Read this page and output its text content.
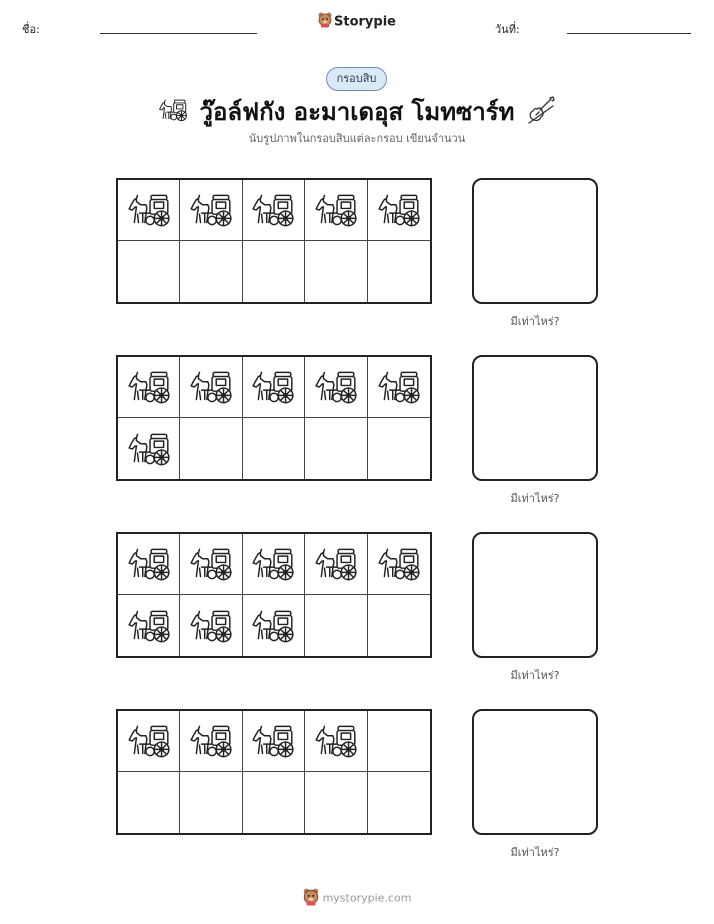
ชื่อ:	Storypie	วันที่:
กรอบสิบ
วู๊อล์ฟกัง อะมาเดอุส โมทซาร์ท
นับรูปภาพในกรอบสิบแต่ละกรอบ เขียนจำนวน
มีเท่าไหร่?
มีเท่าไหร่?
มีเท่าไหร่?
มีเท่าไหร่?
mystorypie.com
